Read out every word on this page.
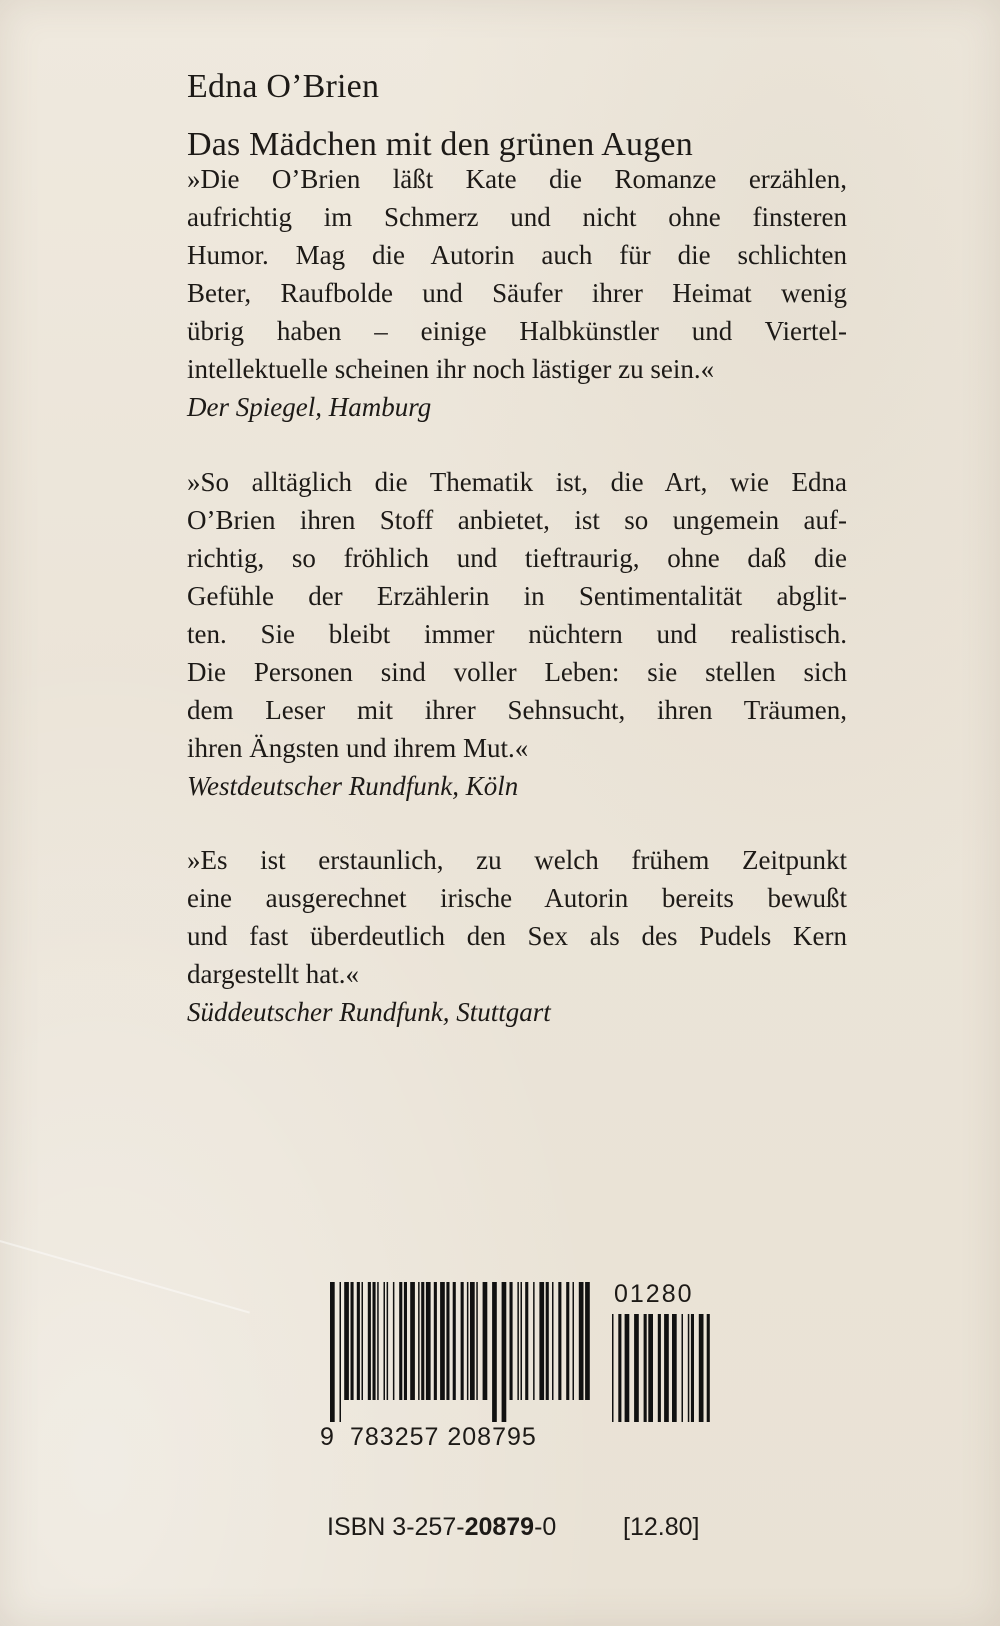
Edna O’Brien
Das Mädchen mit den grünen Augen
»Die O’Brien läßt Kate die Romanze erzählen,
aufrichtig im Schmerz und nicht ohne finsteren
Humor. Mag die Autorin auch für die schlichten
Beter, Raufbolde und Säufer ihrer Heimat wenig
übrig haben – einige Halbkünstler und Viertel-
intellektuelle scheinen ihr noch lästiger zu sein.«
Der Spiegel, Hamburg
»So alltäglich die Thematik ist, die Art, wie Edna
O’Brien ihren Stoff anbietet, ist so ungemein auf-
richtig, so fröhlich und tieftraurig, ohne daß die
Gefühle der Erzählerin in Sentimentalität abglit-
ten. Sie bleibt immer nüchtern und realistisch.
Die Personen sind voller Leben: sie stellen sich
dem Leser mit ihrer Sehnsucht, ihren Träumen,
ihren Ängsten und ihrem Mut.«
Westdeutscher Rundfunk, Köln
»Es ist erstaunlich, zu welch frühem Zeitpunkt
eine ausgerechnet irische Autorin bereits bewußt
und fast überdeutlich den Sex als des Pudels Kern
dargestellt hat.«
Süddeutscher Rundfunk, Stuttgart
01280
9 783257 208795
ISBN 3-257-20879-0	[12.80]
